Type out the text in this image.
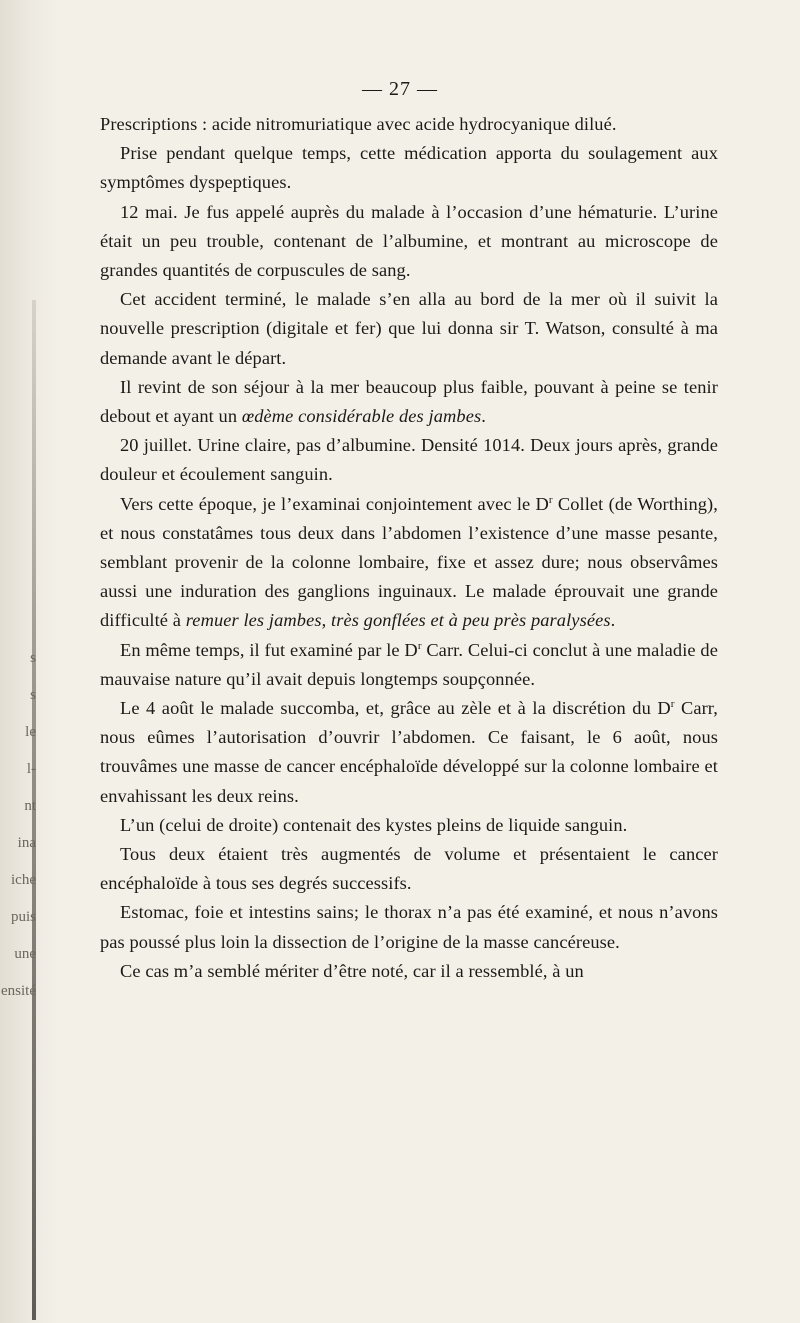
s
s
le
l-
nt
ina
iche
puis
une
ensité
— 27 —

Prescriptions : acide nitromuriatique avec acide hydrocyanique dilué.

Prise pendant quelque temps, cette médication apporta du soulagement aux symptômes dyspeptiques.

12 mai. Je fus appelé auprès du malade à l’occasion d’une hématurie. L’urine était un peu trouble, contenant de l’albumine, et montrant au microscope de grandes quantités de corpuscules de sang.

Cet accident terminé, le malade s’en alla au bord de la mer où il suivit la nouvelle prescription (digitale et fer) que lui donna sir T. Watson, consulté à ma demande avant le départ.

Il revint de son séjour à la mer beaucoup plus faible, pouvant à peine se tenir debout et ayant un œdème considérable des jambes.

20 juillet. Urine claire, pas d’albumine. Densité 1014. Deux jours après, grande douleur et écoulement sanguin.

Vers cette époque, je l’examinai conjointement avec le $D^r$ Collet (de Worthing), et nous constatâmes tous deux dans l’abdomen l’existence d’une masse pesante, semblant provenir de la colonne lombaire, fixe et assez dure; nous observâmes aussi une induration des ganglions inguinaux. Le malade éprouvait une grande difficulté à remuer les jambes, très gonflées et à peu près paralysées.

En même temps, il fut examiné par le $D^r$ Carr. Celui-ci conclut à une maladie de mauvaise nature qu’il avait depuis longtemps soupçonnée.

Le 4 août le malade succomba, et, grâce au zèle et à la discrétion du $D^r$ Carr, nous eûmes l’autorisation d’ouvrir l’abdomen. Ce faisant, le 6 août, nous trouvâmes une masse de cancer encéphaloïde développé sur la colonne lombaire et envahissant les deux reins.

L’un (celui de droite) contenait des kystes pleins de liquide sanguin.

Tous deux étaient très augmentés de volume et présentaient le cancer encéphaloïde à tous ses degrés successifs.

Estomac, foie et intestins sains; le thorax n’a pas été examiné, et nous n’avons pas poussé plus loin la dissection de l’origine de la masse cancéreuse.

Ce cas m’a semblé mériter d’être noté, car il a ressemblé, à un
